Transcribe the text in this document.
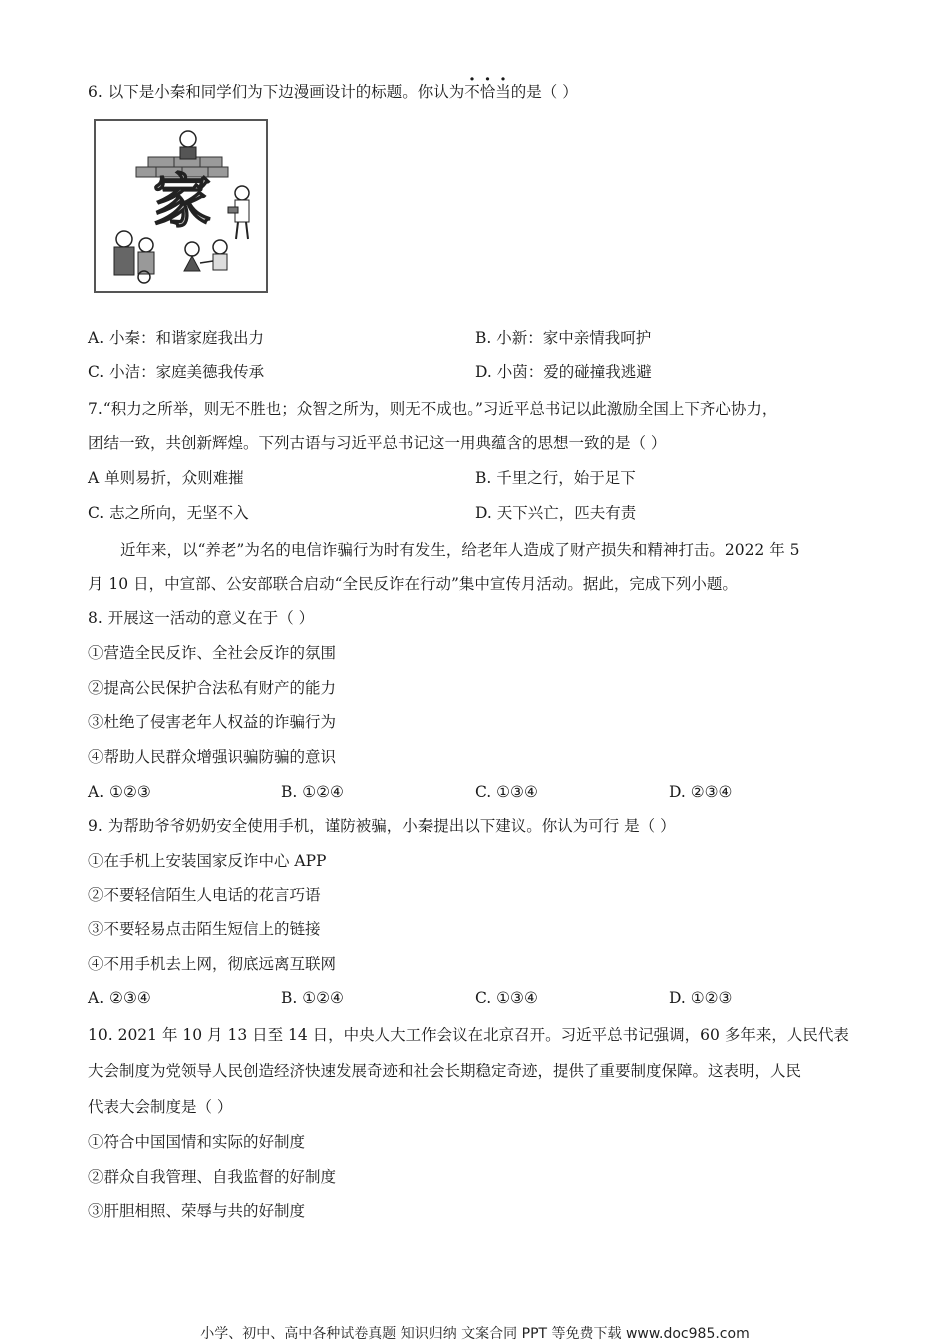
6. 以下是小秦和同学们为下边漫画设计的标题。你认为不恰当的是（ ）
家
A. 小秦：和谐家庭我出力	B. 小新：家中亲情我呵护
C. 小洁：家庭美德我传承	D. 小茵：爱的碰撞我逃避
7.“积力之所举，则无不胜也；众智之所为，则无不成也。”习近平总书记以此激励全国上下齐心协力，
团结一致，共创新辉煌。下列古语与习近平总书记这一用典蕴含的思想一致的是（ ）
A 单则易折，众则难摧	B. 千里之行，始于足下
C. 志之所向，无坚不入	D. 天下兴亡，匹夫有责
近年来，以“养老”为名的电信诈骗行为时有发生，给老年人造成了财产损失和精神打击。2022 年 5
月 10 日，中宣部、公安部联合启动“全民反诈在行动”集中宣传月活动。据此，完成下列小题。
8. 开展这一活动的意义在于（ ）
①营造全民反诈、全社会反诈的氛围
②提高公民保护合法私有财产的能力
③杜绝了侵害老年人权益的诈骗行为
④帮助人民群众增强识骗防骗的意识
A. ①②③	B. ①②④	C. ①③④	D. ②③④
9. 为帮助爷爷奶奶安全使用手机，谨防被骗，小秦提出以下建议。你认为可行 是（ ）
①在手机上安装国家反诈中心 APP
②不要轻信陌生人电话的花言巧语
③不要轻易点击陌生短信上的链接
④不用手机去上网，彻底远离互联网
A. ②③④	B. ①②④	C. ①③④	D. ①②③
10. 2021 年 10 月 13 日至 14 日，中央人大工作会议在北京召开。习近平总书记强调，60 多年来，人民代表
大会制度为党领导人民创造经济快速发展奇迹和社会长期稳定奇迹，提供了重要制度保障。这表明，人民
代表大会制度是（ ）
①符合中国国情和实际的好制度
②群众自我管理、自我监督的好制度
③肝胆相照、荣辱与共的好制度
小学、初中、高中各种试卷真题 知识归纳 文案合同 PPT 等免费下载 www.doc985.com
